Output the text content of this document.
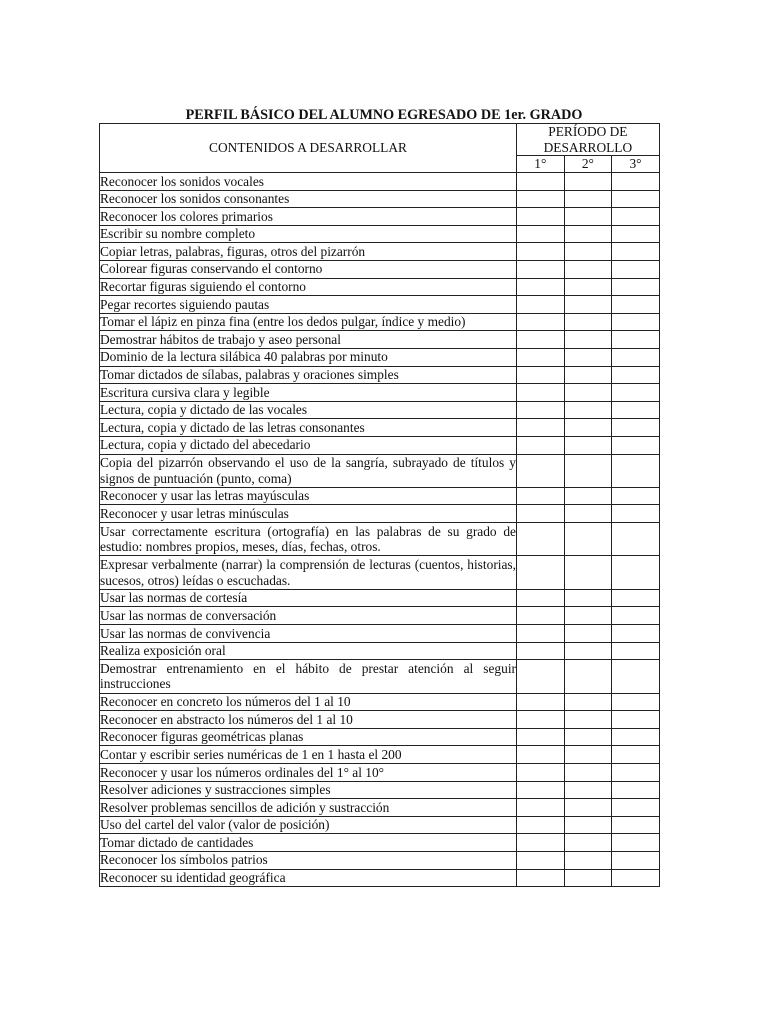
PERFIL BÁSICO DEL ALUMNO EGRESADO DE 1er. GRADO
CONTENIDOS A DESARROLLAR	PERÍODO DE
DESARROLLO		
	1°	2°	3°
Reconocer los sonidos vocales			
Reconocer los sonidos consonantes			
Reconocer los colores primarios			
Escribir su nombre completo			
Copiar letras, palabras, figuras, otros del pizarrón			
Colorear figuras conservando el contorno			
Recortar figuras siguiendo el contorno			
Pegar recortes siguiendo pautas			
Tomar el lápiz en pinza fina (entre los dedos pulgar, índice y medio)			
Demostrar hábitos de trabajo y aseo personal			
Dominio de la lectura silábica 40 palabras por minuto			
Tomar dictados de sílabas, palabras y oraciones simples			
Escritura cursiva clara y legible			
Lectura, copia y dictado de las vocales			
Lectura, copia y dictado de las letras consonantes			
Lectura, copia y dictado del abecedario			
Copia del pizarrón observando el uso de la sangría, subrayado de títulos y signos de puntuación (punto, coma)			
Reconocer y usar las letras mayúsculas			
Reconocer y usar letras minúsculas			
Usar correctamente escritura (ortografía) en las palabras de su grado de estudio: nombres propios, meses, días, fechas, otros.			
Expresar verbalmente (narrar) la comprensión de lecturas (cuentos, historias, sucesos, otros) leídas o escuchadas.			
Usar las normas de cortesía			
Usar las normas de conversación			
Usar las normas de convivencia			
Realiza exposición oral			
Demostrar entrenamiento en el hábito de prestar atención al seguir instrucciones			
Reconocer en concreto los números del 1 al 10			
Reconocer en abstracto los números del 1 al 10			
Reconocer figuras geométricas planas			
Contar y escribir series numéricas de 1 en 1 hasta el 200			
Reconocer y usar los números ordinales del 1° al 10°			
Resolver adiciones y sustracciones simples			
Resolver problemas sencillos de adición y sustracción			
Uso del cartel del valor (valor de posición)			
Tomar dictado de cantidades			
Reconocer los símbolos patrios			
Reconocer su identidad geográfica			
